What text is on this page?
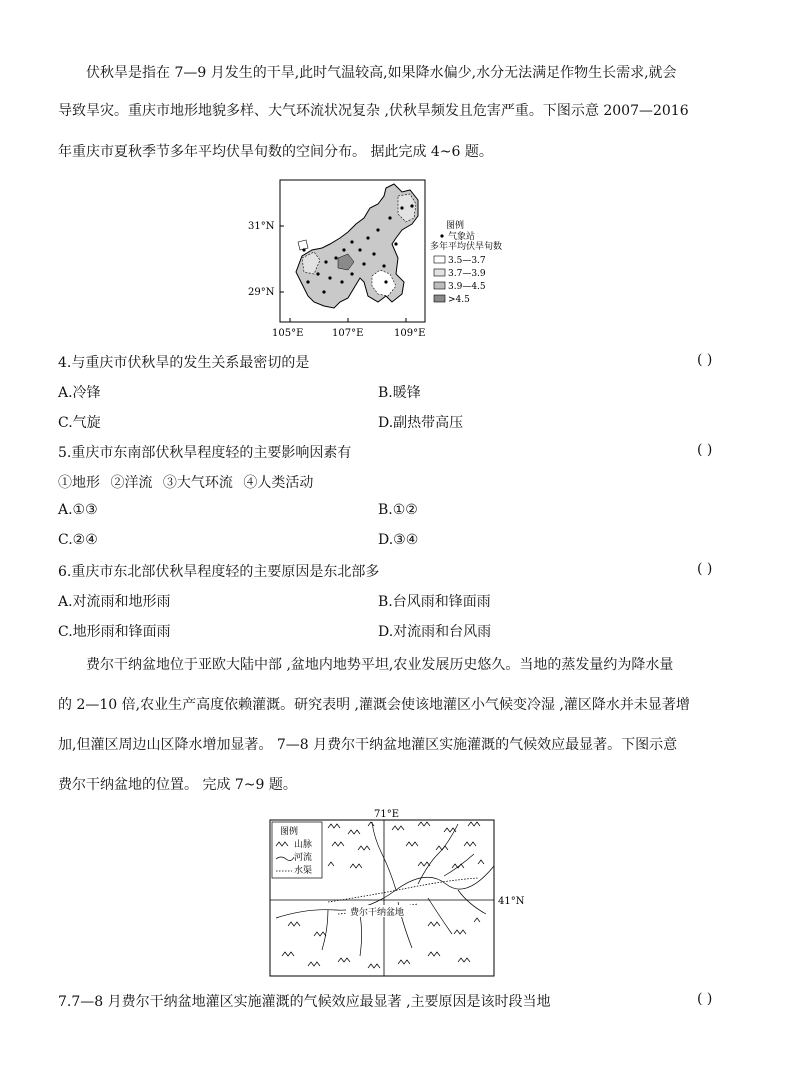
伏秋旱是指在 7—9 月发生的干旱,此时气温较高,如果降水偏少,水分无法满足作物生长需求,就会
导致旱灾。重庆市地形地貌多样、大气环流状况复杂 ,伏秋旱频发且危害严重。下图示意 2007—2016
年重庆市夏秋季节多年平均伏旱旬数的空间分布。 据此完成 4~6 题。
31°N
29°N
105°E	107°E	109°E
图例
气象站
多年平均伏旱旬数
3.5—3.7
3.7—3.9
3.9—4.5
>4.5
4.与重庆市伏秋旱的发生关系最密切的是	( )
A.冷锋	B.暖锋
C.气旋	D.副热带高压
5.重庆市东南部伏秋旱程度轻的主要影响因素有	( )
①地形 ②洋流 ③大气环流 ④人类活动
A.①③	B.①②
C.②④	D.③④
6.重庆市东北部伏秋旱程度轻的主要原因是东北部多	( )
A.对流雨和地形雨	B.台风雨和锋面雨
C.地形雨和锋面雨	D.对流雨和台风雨
费尔干纳盆地位于亚欧大陆中部 ,盆地内地势平坦,农业发展历史悠久。当地的蒸发量约为降水量
的 2—10 倍,农业生产高度依赖灌溉。研究表明 ,灌溉会使该地灌区小气候变冷湿 ,灌区降水并未显著增
加,但灌区周边山区降水增加显著。 7—8 月费尔干纳盆地灌区实施灌溉的气候效应最显著。下图示意
费尔干纳盆地的位置。 完成 7~9 题。
71°E
41°N
图例
山脉
河流
水渠
费尔干纳盆地
7.7—8 月费尔干纳盆地灌区实施灌溉的气候效应最显著 ,主要原因是该时段当地	( )
